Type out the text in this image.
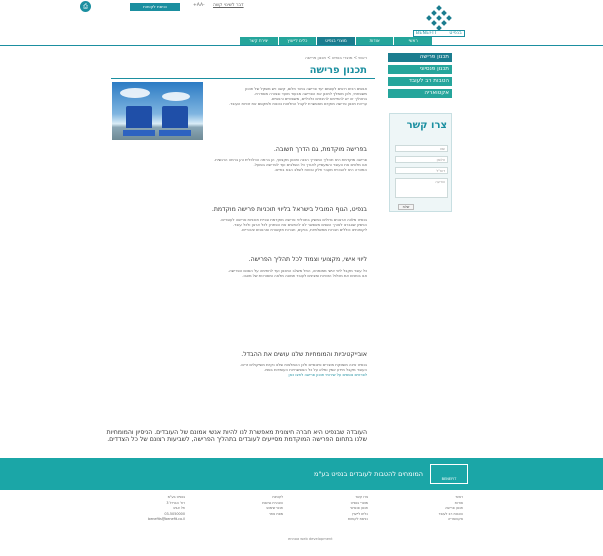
⎙	כניסת לקוחות	+AA- דבר לשינוי קשה
BENEFIT	בנפיט
יצירת קשר	כלים לייעוץ	מוצרי בנפיט	אודות	ראשי
ראשי > מוצרי בנפיט > תכנון פרישה
תכנון פרישה

אנשים רבים רואים לעצמם יעד פרישה בתור חלום, קשה ויש משקל של תכנון

משפחתי, ולכן מומלץ לתכנן את הפרישה מבעוד מועד ובצורה מסודרת.

בתהליך זה יש להתייחס להיבטים כלכליים, משפטיים ורגשיים.

עריכת תכנון פרישה מוקדם מאפשרת לקבל החלטות נכונות ולמקסם את זכויות העובד.

בפרישה מוקדמת, גם הדרך חשובה.

פרישה מוקדמת היא תהליך המצריך הכנה ותכנון מקצועי, הן ברמה הכלכלית והן ברמה הרגשית.

אנו מלווים את העובד והמעסיק לאורך כל השלבים ועד לפרישה בפועל.

המטרה היא להבטיח מעבר חלק ובטוח לשלב הבא בחיים.

בנפיט, הגוף המוביל בישראל בליווי תוכניות פרישה מוקדמת.

בנפיט מלווה ארגונים גדולים במשק בתהליכי פרישה מוקדמת ובניית תוכניות פרישה לעובדים.

הניסיון שצברנו לאורך השנים מאפשר לנו להתאים את הפתרון לכל ארגון ולכל עובד.

לקוחותינו כוללים חברות ממשלתיות, בנקים, חברות תקשורת וארגונים ציבוריים.

ליווי אישי, מקצועי וצמוד לכל תהליך הפרישה.

כל עובד מקבל ליווי אישי ממומחה, החל משלב התכנון ועד לחתימה על הסכם הפרישה.

אנו בוחנים את מכלול הזכויות ומציגים לעובד תמונה מלאה ומפורטת של מצבו.

אובייקטיביות והמומחיות שלנו עושים את ההבדל.

בנפיט אינה משווקת מוצרים פיננסיים ולכן ההמלצות שלנו נקיות משיקולים זרים.

העובד מקבל מידע אמין ומלא על כל האפשרויות העומדות בפניו.

לפרטים נוספים על שירותי תכנון פרישה לחצו כאן

העובדה שבנפיט היא חברה חיצונית מאפשרת לנו להיות אנשי אמונם של העובדים. הניסיון והמומחיות שלנו בתחום הפרישה המוקדמת מסייעים לעובדים בתהליך הפרישה, לשביעות רצונם של כל הצדדים.
תכנון פרישה
תכנון פנסיוני
הטבות רב לעובד
אקטואריה
צרו קשר
שם
טלפון
דוא"ל
הודעה
שלח
המומחים להטבות לעובדים בנפיט בע"מ
BENEFIT

ראשי

אודות

תכנון פרישה

הטבות רב לעובד

אקטואריה

צרו קשר

מוצרי בנפיט

תכנון פנסיוני

כלים לייעוץ

כניסת לקוחות

לקוחות

הצהרת נגישות

תנאי שימוש

מפת אתר

בנפיט בע"מ

רח' הברזל 3

תל אביב

03-5050000

benefits@benefit.co.il

ennoa web development
